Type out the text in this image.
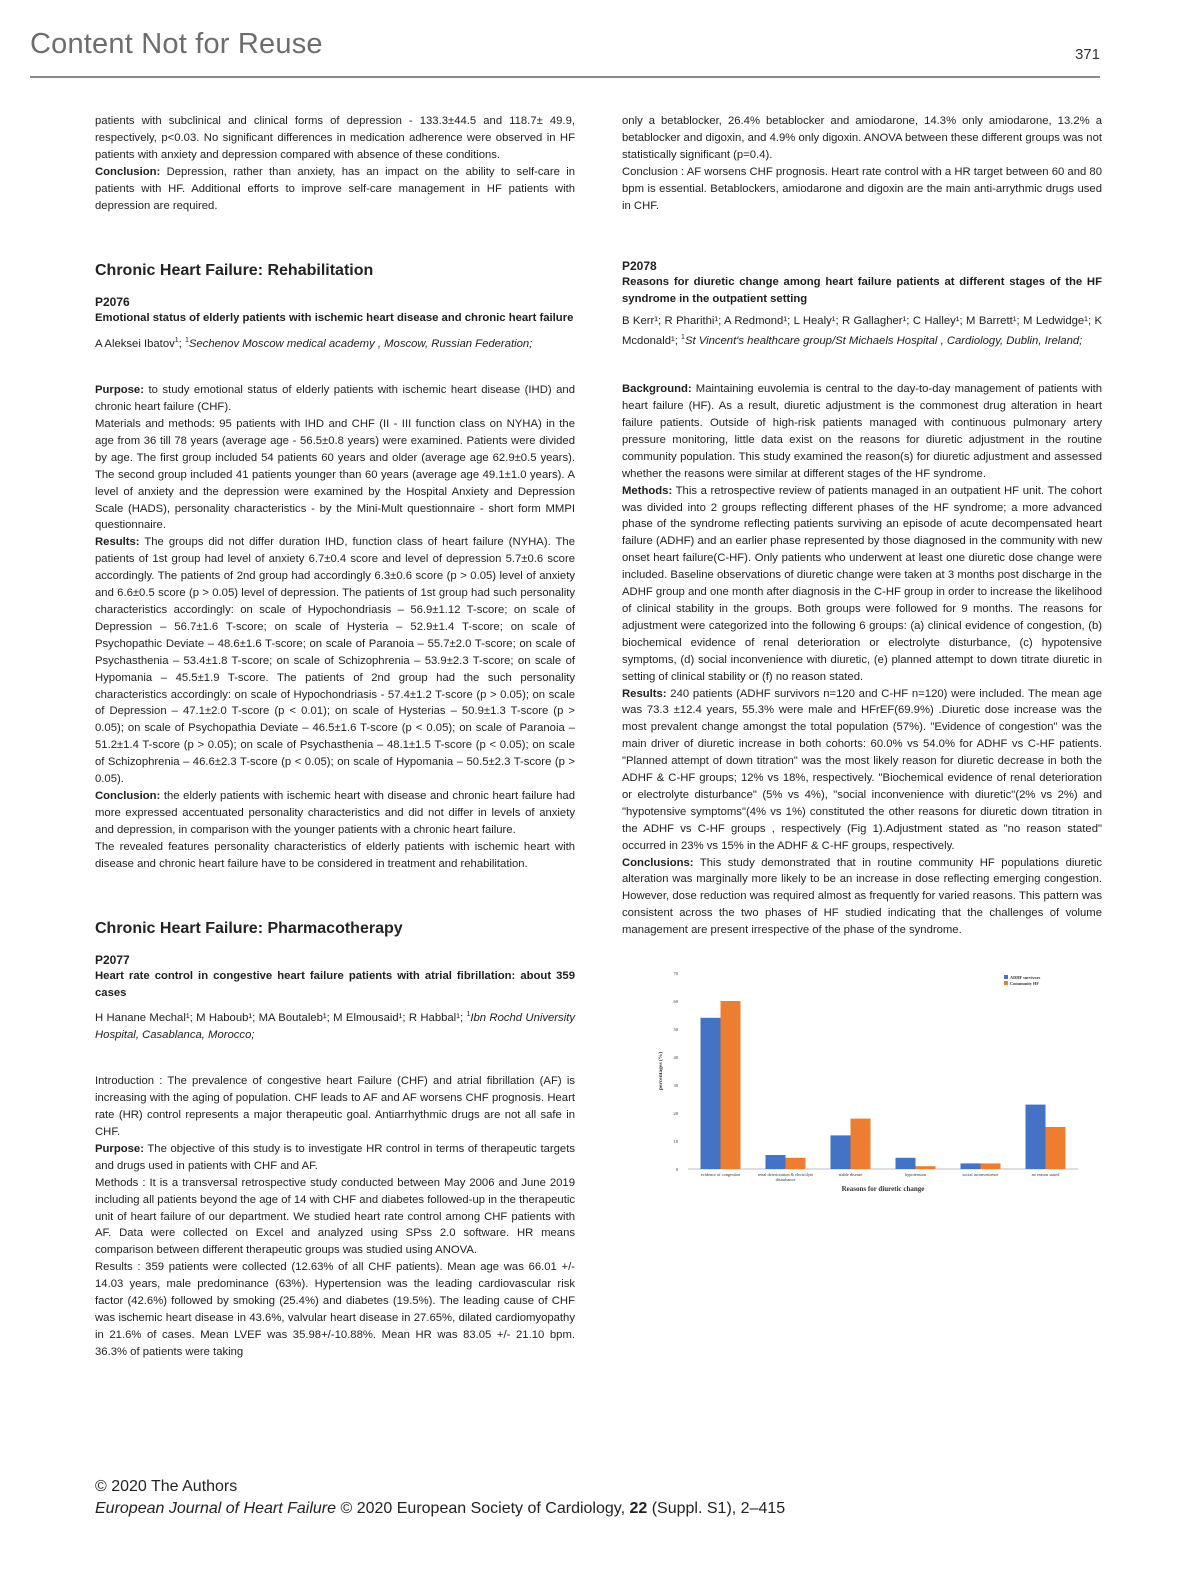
Content Not for Reuse	371

patients with subclinical and clinical forms of depression - 133.3±44.5 and 118.7± 49.9, respectively, p<0.03. No significant differences in medication adherence were observed in HF patients with anxiety and depression compared with absence of these conditions.

Conclusion: Depression, rather than anxiety, has an impact on the ability to self-care in patients with HF. Additional efforts to improve self-care management in HF patients with depression are required.

Chronic Heart Failure: Rehabilitation

P2076

Emotional status of elderly patients with ischemic heart disease and chronic heart failure

A Aleksei Ibatov$^1$; $^1$Sechenov Moscow medical academy , Moscow, Russian Federation;

Purpose: to study emotional status of elderly patients with ischemic heart disease (IHD) and chronic heart failure (CHF).

Materials and methods: 95 patients with IHD and CHF (II - III function class on NYHA) in the age from 36 till 78 years (average age - 56.5±0.8 years) were examined. Patients were divided by age. The first group included 54 patients 60 years and older (average age 62.9±0.5 years). The second group included 41 patients younger than 60 years (average age 49.1±1.0 years). A level of anxiety and the depression were examined by the Hospital Anxiety and Depression Scale (HADS), personality characteristics - by the Mini-Mult questionnaire - short form MMPI questionnaire.

Results: The groups did not differ duration IHD, function class of heart failure (NYHA). The patients of 1st group had level of anxiety 6.7±0.4 score and level of depression 5.7±0.6 score accordingly. The patients of 2nd group had accordingly 6.3±0.6 score (p > 0.05) level of anxiety and 6.6±0.5 score (p > 0.05) level of depression. The patients of 1st group had such personality characteristics accordingly: on scale of Hypochondriasis – 56.9±1.12 T-score; on scale of Depression – 56.7±1.6 T-score; on scale of Hysteria – 52.9±1.4 T-score; on scale of Psychopathic Deviate – 48.6±1.6 T-score; on scale of Paranoia – 55.7±2.0 T-score; on scale of Psychasthenia – 53.4±1.8 T-score; on scale of Schizophrenia – 53.9±2.3 T-score; on scale of Hypomania – 45.5±1.9 T-score. The patients of 2nd group had the such personality characteristics accordingly: on scale of Hypochondriasis - 57.4±1.2 T-score (p > 0.05); on scale of Depression – 47.1±2.0 T-score (p < 0.01); on scale of Hysterias – 50.9±1.3 T-score (p > 0.05); on scale of Psychopathia Deviate – 46.5±1.6 T-score (p < 0.05); on scale of Paranoia – 51.2±1.4 T-score (p > 0.05); on scale of Psychasthenia – 48.1±1.5 T-score (p < 0.05); on scale of Schizophrenia – 46.6±2.3 T-score (p < 0.05); on scale of Hypomania – 50.5±2.3 T-score (p > 0.05).

Conclusion: the elderly patients with ischemic heart with disease and chronic heart failure had more expressed accentuated personality characteristics and did not differ in levels of anxiety and depression, in comparison with the younger patients with a chronic heart failure.

The revealed features personality characteristics of elderly patients with ischemic heart with disease and chronic heart failure have to be considered in treatment and rehabilitation.

Chronic Heart Failure: Pharmacotherapy

P2077

Heart rate control in congestive heart failure patients with atrial fibrillation: about 359 cases

H Hanane Mechal¹; M Haboub¹; MA Boutaleb¹; M Elmousaid¹; R Habbal¹; $^1$Ibn Rochd University Hospital, Casablanca, Morocco;

Introduction : The prevalence of congestive heart Failure (CHF) and atrial fibrillation (AF) is increasing with the aging of population. CHF leads to AF and AF worsens CHF prognosis. Heart rate (HR) control represents a major therapeutic goal. Antiarrhythmic drugs are not all safe in CHF.

Purpose: The objective of this study is to investigate HR control in terms of therapeutic targets and drugs used in patients with CHF and AF.

Methods : It is a transversal retrospective study conducted between May 2006 and June 2019 including all patients beyond the age of 14 with CHF and diabetes followed-up in the therapeutic unit of heart failure of our department. We studied heart rate control among CHF patients with AF. Data were collected on Excel and analyzed using SPss 2.0 software. HR means comparison between different therapeutic groups was studied using ANOVA.

Results : 359 patients were collected (12.63% of all CHF patients). Mean age was 66.01 +/- 14.03 years, male predominance (63%). Hypertension was the leading cardiovascular risk factor (42.6%) followed by smoking (25.4%) and diabetes (19.5%). The leading cause of CHF was ischemic heart disease in 43.6%, valvular heart disease in 27.65%, dilated cardiomyopathy in 21.6% of cases. Mean LVEF was 35.98+/-10.88%. Mean HR was 83.05 +/- 21.10 bpm. 36.3% of patients were taking

only a betablocker, 26.4% betablocker and amiodarone, 14.3% only amiodarone, 13.2% a betablocker and digoxin, and 4.9% only digoxin. ANOVA between these different groups was not statistically significant (p=0.4).

Conclusion : AF worsens CHF prognosis. Heart rate control with a HR target between 60 and 80 bpm is essential. Betablockers, amiodarone and digoxin are the main anti-arrythmic drugs used in CHF.

P2078

Reasons for diuretic change among heart failure patients at different stages of the HF syndrome in the outpatient setting

B Kerr¹; R Pharithi¹; A Redmond¹; L Healy¹; R Gallagher¹; C Halley¹; M Barrett¹; M Ledwidge¹; K Mcdonald¹; $^1$St Vincent's healthcare group/St Michaels Hospital , Cardiology, Dublin, Ireland;

Background: Maintaining euvolemia is central to the day-to-day management of patients with heart failure (HF). As a result, diuretic adjustment is the commonest drug alteration in heart failure patients. Outside of high-risk patients managed with continuous pulmonary artery pressure monitoring, little data exist on the reasons for diuretic adjustment in the routine community population. This study examined the reason(s) for diuretic adjustment and assessed whether the reasons were similar at different stages of the HF syndrome.

Methods: This a retrospective review of patients managed in an outpatient HF unit. The cohort was divided into 2 groups reflecting different phases of the HF syndrome; a more advanced phase of the syndrome reflecting patients surviving an episode of acute decompensated heart failure (ADHF) and an earlier phase represented by those diagnosed in the community with new onset heart failure(C-HF). Only patients who underwent at least one diuretic dose change were included. Baseline observations of diuretic change were taken at 3 months post discharge in the ADHF group and one month after diagnosis in the C-HF group in order to increase the likelihood of clinical stability in the groups. Both groups were followed for 9 months. The reasons for adjustment were categorized into the following 6 groups: (a) clinical evidence of congestion, (b) biochemical evidence of renal deterioration or electrolyte disturbance, (c) hypotensive symptoms, (d) social inconvenience with diuretic, (e) planned attempt to down titrate diuretic in setting of clinical stability or (f) no reason stated.

Results: 240 patients (ADHF survivors n=120 and C-HF n=120) were included. The mean age was 73.3 ±12.4 years, 55.3% were male and HFrEF(69.9%) .Diuretic dose increase was the most prevalent change amongst the total population (57%). "Evidence of congestion" was the main driver of diuretic increase in both cohorts: 60.0% vs 54.0% for ADHF vs C-HF patients. "Planned attempt of down titration" was the most likely reason for diuretic decrease in both the ADHF & C-HF groups; 12% vs 18%, respectively. "Biochemical evidence of renal deterioration or electrolyte disturbance" (5% vs 4%), "social inconvenience with diuretic"(2% vs 2%) and "hypotensive symptoms"(4% vs 1%) constituted the other reasons for diuretic down titration in the ADHF vs C-HF groups , respectively (Fig 1).Adjustment stated as "no reason stated" occurred in 23% vs 15% in the ADHF & C-HF groups, respectively.

Conclusions: This study demonstrated that in routine community HF populations diuretic alteration was marginally more likely to be an increase in dose reflecting emerging congestion. However, dose reduction was required almost as frequently for varied reasons. This pattern was consistent across the two phases of HF studied indicating that the challenges of volume management are present irrespective of the phase of the syndrome.

0
10
20
30
40
50
60
70
evidence of congestion	renal deterioration & electrolyte disturbance
stable disease	hypotension	social inconvenience	no reason stated
Reasons for diuretic change
percentages (%)
ADHF survivors
Community HF
© 2020 The Authors
European Journal of Heart Failure © 2020 European Society of Cardiology, 22 (Suppl. S1), 2–415
